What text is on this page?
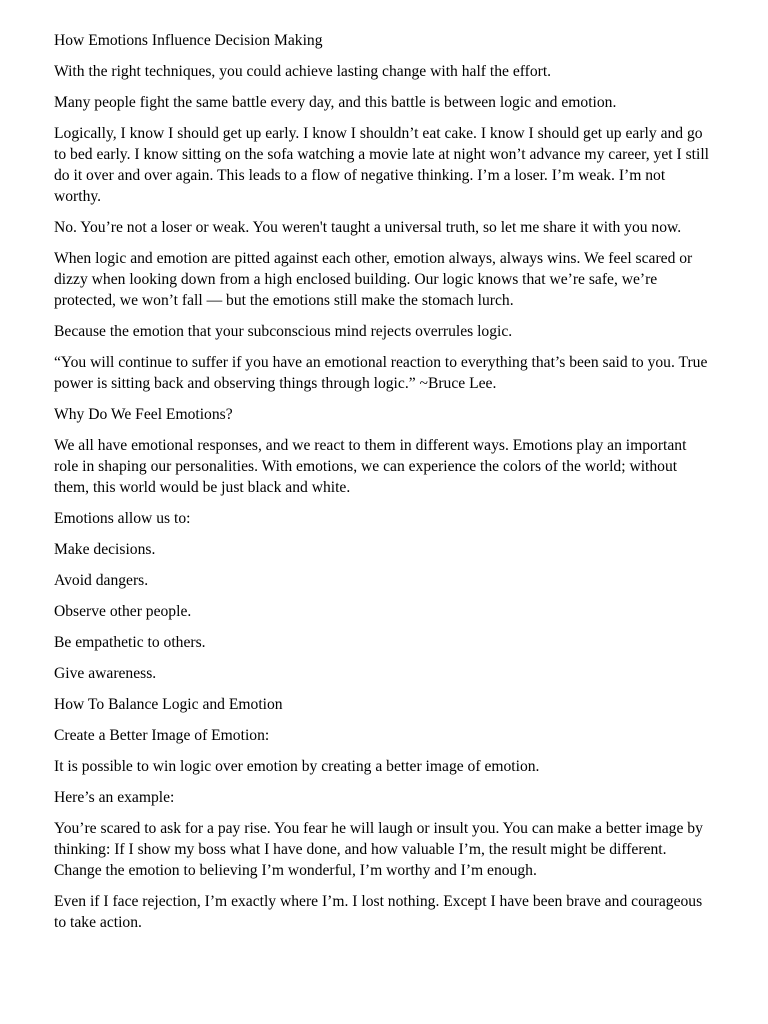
How Emotions Influence Decision Making

With the right techniques, you could achieve lasting change with half the effort.

Many people fight the same battle every day, and this battle is between logic and emotion.

Logically, I know I should get up early. I know I shouldn’t eat cake. I know I should get up early and go to bed early. I know sitting on the sofa watching a movie late at night won’t advance my career, yet I still do it over and over again. This leads to a flow of negative thinking. I’m a loser. I’m weak. I’m not worthy.

No. You’re not a loser or weak. You weren't taught a universal truth, so let me share it with you now.

When logic and emotion are pitted against each other, emotion always, always wins. We feel scared or dizzy when looking down from a high enclosed building. Our logic knows that we’re safe, we’re protected, we won’t fall — but the emotions still make the stomach lurch.

Because the emotion that your subconscious mind rejects overrules logic.

“You will continue to suffer if you have an emotional reaction to everything that’s been said to you. True power is sitting back and observing things through logic.” ~Bruce Lee.

Why Do We Feel Emotions?

We all have emotional responses, and we react to them in different ways. Emotions play an important role in shaping our personalities. With emotions, we can experience the colors of the world; without them, this world would be just black and white.

Emotions allow us to:

Make decisions.

Avoid dangers.

Observe other people.

Be empathetic to others.

Give awareness.

How To Balance Logic and Emotion

Create a Better Image of Emotion:

It is possible to win logic over emotion by creating a better image of emotion.

Here’s an example:

You’re scared to ask for a pay rise. You fear he will laugh or insult you. You can make a better image by thinking: If I show my boss what I have done, and how valuable I’m, the result might be different. Change the emotion to believing I’m wonderful, I’m worthy and I’m enough.

Even if I face rejection, I’m exactly where I’m. I lost nothing. Except I have been brave and courageous to take action.
